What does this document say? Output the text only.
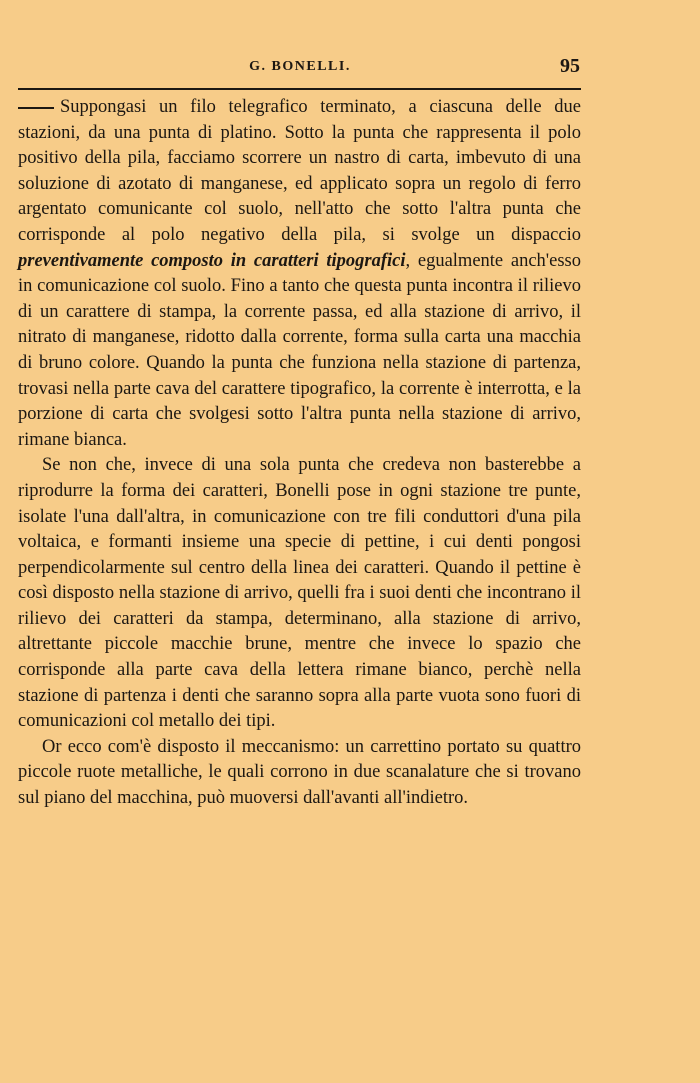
G. BONELLI.	95

Suppongasi un filo telegrafico terminato, a ciascuna delle due stazioni, da una punta di platino. Sotto la punta che rappresenta il polo positivo della pila, facciamo scorrere un nastro di carta, imbevuto di una soluzione di azotato di manganese, ed applicato sopra un regolo di ferro argentato comunicante col suolo, nell'atto che sotto l'altra punta che corrisponde al polo negativo della pila, si svolge un dispaccio preventivamente composto in caratteri tipografici, egualmente anch'esso in comunicazione col suolo. Fino a tanto che questa punta incontra il rilievo di un carattere di stampa, la corrente passa, ed alla stazione di arrivo, il nitrato di manganese, ridotto dalla corrente, forma sulla carta una macchia di bruno colore. Quando la punta che funziona nella stazione di partenza, trovasi nella parte cava del carattere tipografico, la corrente è interrotta, e la porzione di carta che svolgesi sotto l'altra punta nella stazione di arrivo, rimane bianca.

Se non che, invece di una sola punta che credeva non basterebbe a riprodurre la forma dei caratteri, Bonelli pose in ogni stazione tre punte, isolate l'una dall'altra, in comunicazione con tre fili conduttori d'una pila voltaica, e formanti insieme una specie di pettine, i cui denti pongosi perpendicolarmente sul centro della linea dei caratteri. Quando il pettine è così disposto nella stazione di arrivo, quelli fra i suoi denti che incontrano il rilievo dei caratteri da stampa, determinano, alla stazione di arrivo, altrettante piccole macchie brune, mentre che invece lo spazio che corrisponde alla parte cava della lettera rimane bianco, perchè nella stazione di partenza i denti che saranno sopra alla parte vuota sono fuori di comunicazioni col metallo dei tipi.

Or ecco com'è disposto il meccanismo: un carrettino portato su quattro piccole ruote metalliche, le quali corrono in due scanalature che si trovano sul piano del macchina, può muoversi dall'avanti all'indietro.
